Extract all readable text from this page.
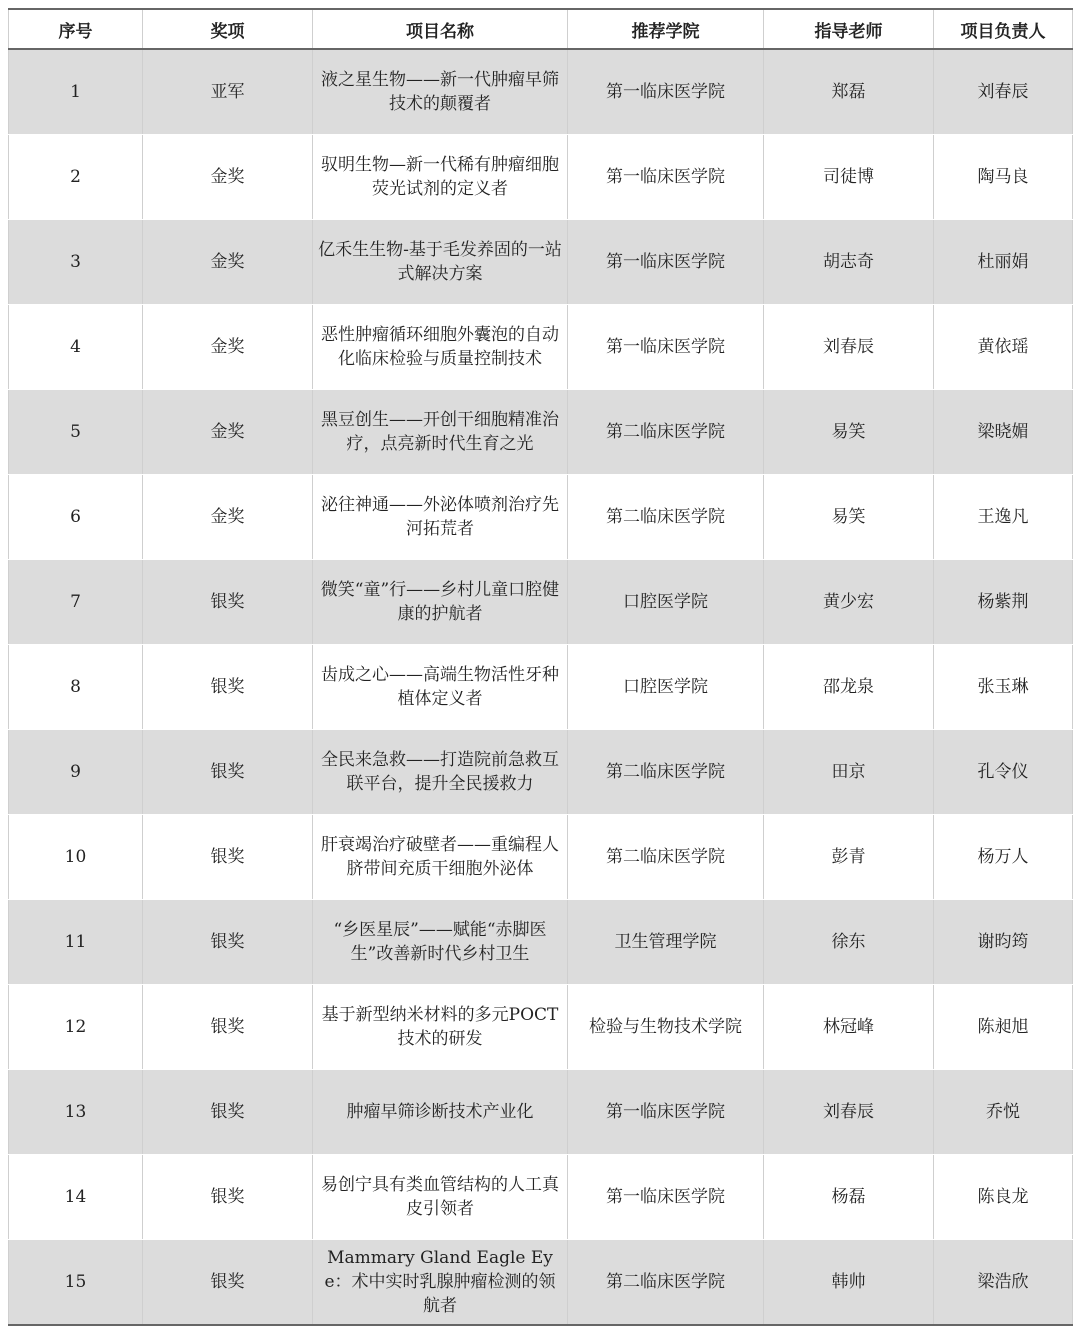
序号	奖项	项目名称	推荐学院	指导老师	项目负责人
1	亚军	液之星生物——新一代肿瘤早筛技术的颠覆者	第一临床医学院	郑磊	刘春辰
2	金奖	驭明生物—新一代稀有肿瘤细胞荧光试剂的定义者	第一临床医学院	司徒博	陶马良
3	金奖	亿禾生生物-基于毛发养固的一站式解决方案	第一临床医学院	胡志奇	杜丽娟
4	金奖	恶性肿瘤循环细胞外囊泡的自动化临床检验与质量控制技术	第一临床医学院	刘春辰	黄依瑶
5	金奖	黑豆创生——开创干细胞精准治疗，点亮新时代生育之光	第二临床医学院	易笑	梁晓媚
6	金奖	泌往神通——外泌体喷剂治疗先河拓荒者	第二临床医学院	易笑	王逸凡
7	银奖	微笑“童”行——乡村儿童口腔健康的护航者	口腔医学院	黄少宏	杨紫荆
8	银奖	齿成之心——高端生物活性牙种植体定义者	口腔医学院	邵龙泉	张玉琳
9	银奖	全民来急救——打造院前急救互联平台，提升全民援救力	第二临床医学院	田京	孔令仪
10	银奖	肝衰竭治疗破壁者——重编程人脐带间充质干细胞外泌体	第二临床医学院	彭青	杨万人
11	银奖	“乡医星辰”——赋能“赤脚医生”改善新时代乡村卫生	卫生管理学院	徐东	谢昀筠
12	银奖	基于新型纳米材料的多元POCT技术的研发	检验与生物技术学院	林冠峰	陈昶旭
13	银奖	肿瘤早筛诊断技术产业化	第一临床医学院	刘春辰	乔悦
14	银奖	易创宁具有类血管结构的人工真皮引领者	第一临床医学院	杨磊	陈良龙
15	银奖	Mammary Gland Eagle Eye：术中实时乳腺肿瘤检测的领航者	第二临床医学院	韩帅	梁浩欣
